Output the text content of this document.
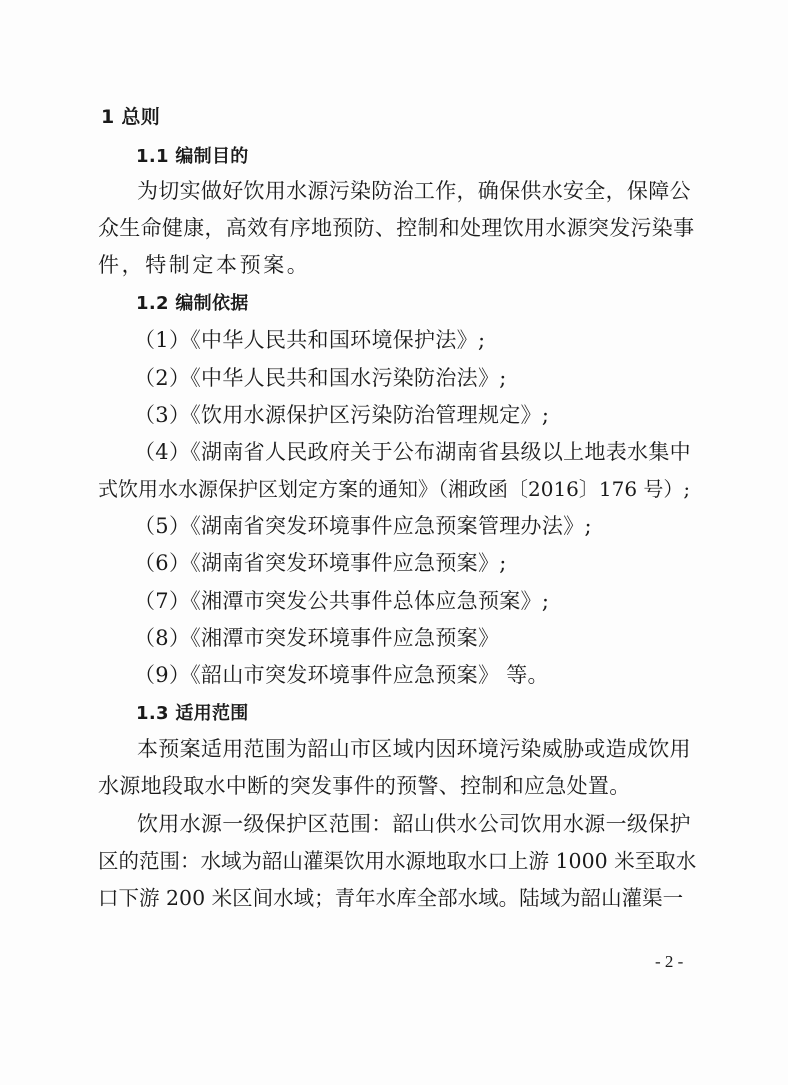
1 总则
1.1 编制目的
为切实做好饮用水源污染防治工作，确保供水安全，保障公
众生命健康，高效有序地预防、控制和处理饮用水源突发污染事
件，特制定本预案。
1.2 编制依据
（1）《中华人民共和国环境保护法》;
（2）《中华人民共和国水污染防治法》;
（3）《饮用水源保护区污染防治管理规定》;
（4）《湖南省人民政府关于公布湖南省县级以上地表水集中
式饮用水水源保护区划定方案的通知》（湘政函〔2016〕176 号）;
（5）《湖南省突发环境事件应急预案管理办法》;
（6）《湖南省突发环境事件应急预案》;
（7）《湘潭市突发公共事件总体应急预案》;
（8）《湘潭市突发环境事件应急预案》
（9）《韶山市突发环境事件应急预案》 等。
1.3 适用范围
本预案适用范围为韶山市区域内因环境污染威胁或造成饮用
水源地段取水中断的突发事件的预警、控制和应急处置。
饮用水源一级保护区范围：韶山供水公司饮用水源一级保护
区的范围：水域为韶山灌渠饮用水源地取水口上游 1000 米至取水
口下游 200 米区间水域；青年水库全部水域。陆域为韶山灌渠一
- 2 -
